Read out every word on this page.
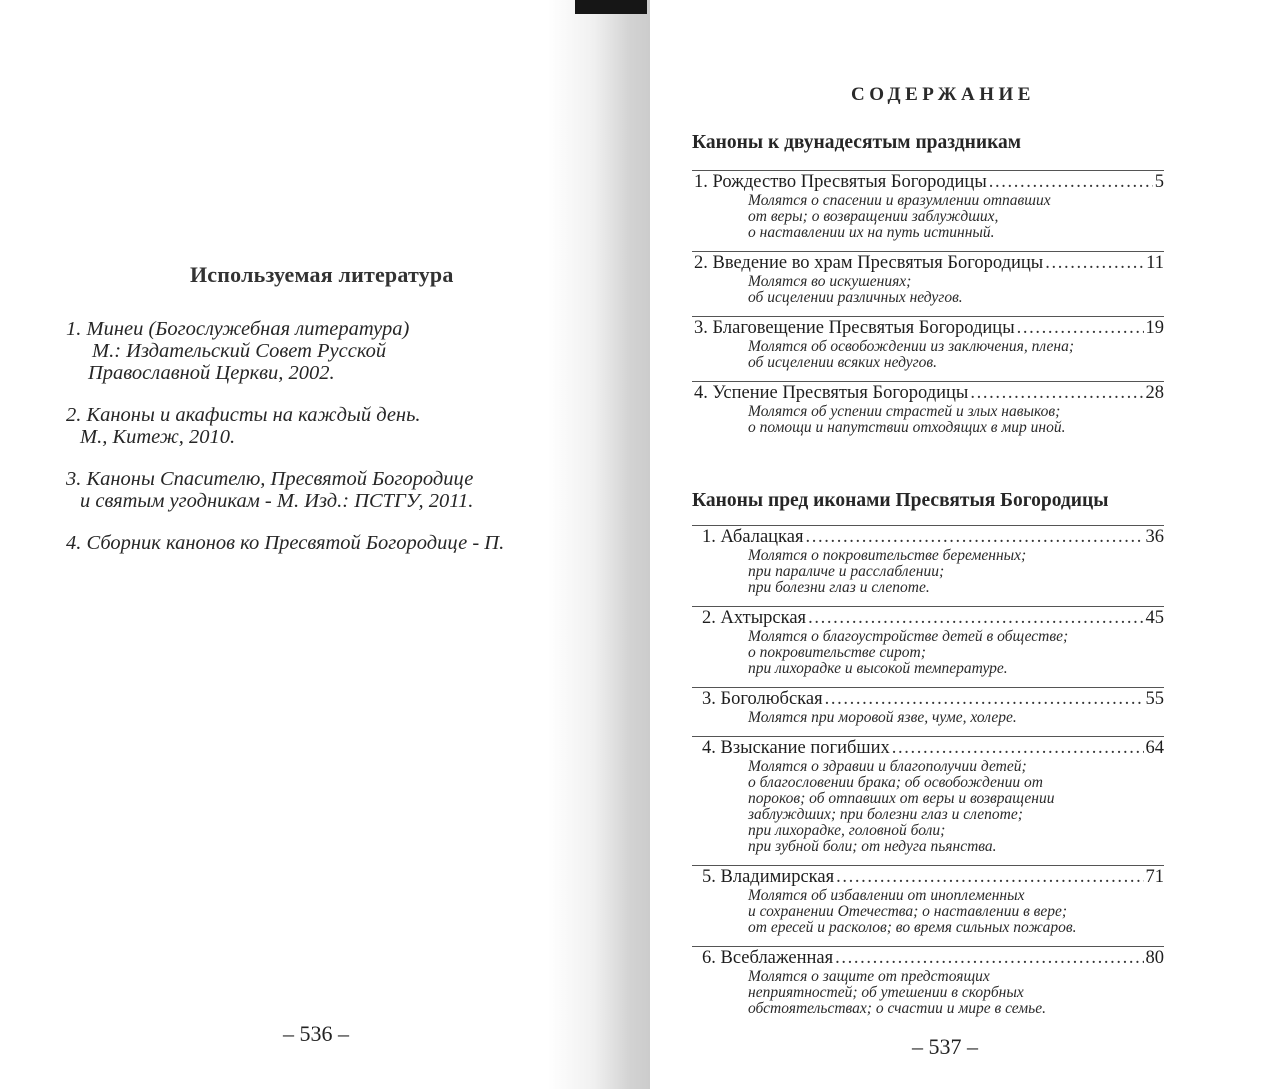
Используемая литература
1. Минеи (Богослужебная литература)
М.: Издательский Совет Русской
Православной Церкви, 2002.
2. Каноны и акафисты на каждый день.
М., Китеж, 2010.
3. Каноны Спасителю, Пресвятой Богородице
и святым угодникам - М. Изд.: ПСТГУ, 2011.
4. Сборник канонов ко Пресвятой Богородице - П.
– 536 –
СОДЕРЖАНИЕ
Каноны к двунадесятым праздникам
1. Рождество Пресвятыя Богородицы . . .	5
Молятся о спасении и вразумлении отпавших
от веры; о возвращении заблуждших,
о наставлении их на путь истинный.
2. Введение во храм Пресвятыя Богородицы . . .	11
Молятся во искушениях;
об исцелении различных недугов.
3. Благовещение Пресвятыя Богородицы . . .	19
Молятся об освобождении из заключения, плена;
об исцелении всяких недугов.
4. Успение Пресвятыя Богородицы . . .	28
Молятся об успении страстей и злых навыков;
о помощи и напутствии отходящих в мир иной.
Каноны пред иконами Пресвятыя Богородицы
1. Абалацкая . . .	36
Молятся о покровительстве беременных;
при параличе и расслаблении;
при болезни глаз и слепоте.
2. Ахтырская . . .	45
Молятся о благоустройстве детей в обществе;
о покровительстве сирот;
при лихорадке и высокой температуре.
3. Боголюбская . . .	55
Молятся при моровой язве, чуме, холере.
4. Взыскание погибших . . .	64
Молятся о здравии и благополучии детей;
о благословении брака; об освобождении от
пороков; об отпавших от веры и возвращении
заблуждших; при болезни глаз и слепоте;
при лихорадке, головной боли;
при зубной боли; от недуга пьянства.
5. Владимирская . . .	71
Молятся об избавлении от иноплеменных
и сохранении Отечества; о наставлении в вере;
от ересей и расколов; во время сильных пожаров.
6. Всеблаженная . . .	80
Молятся о защите от предстоящих
неприятностей; об утешении в скорбных
обстоятельствах; о счастии и мире в семье.
– 537 –
